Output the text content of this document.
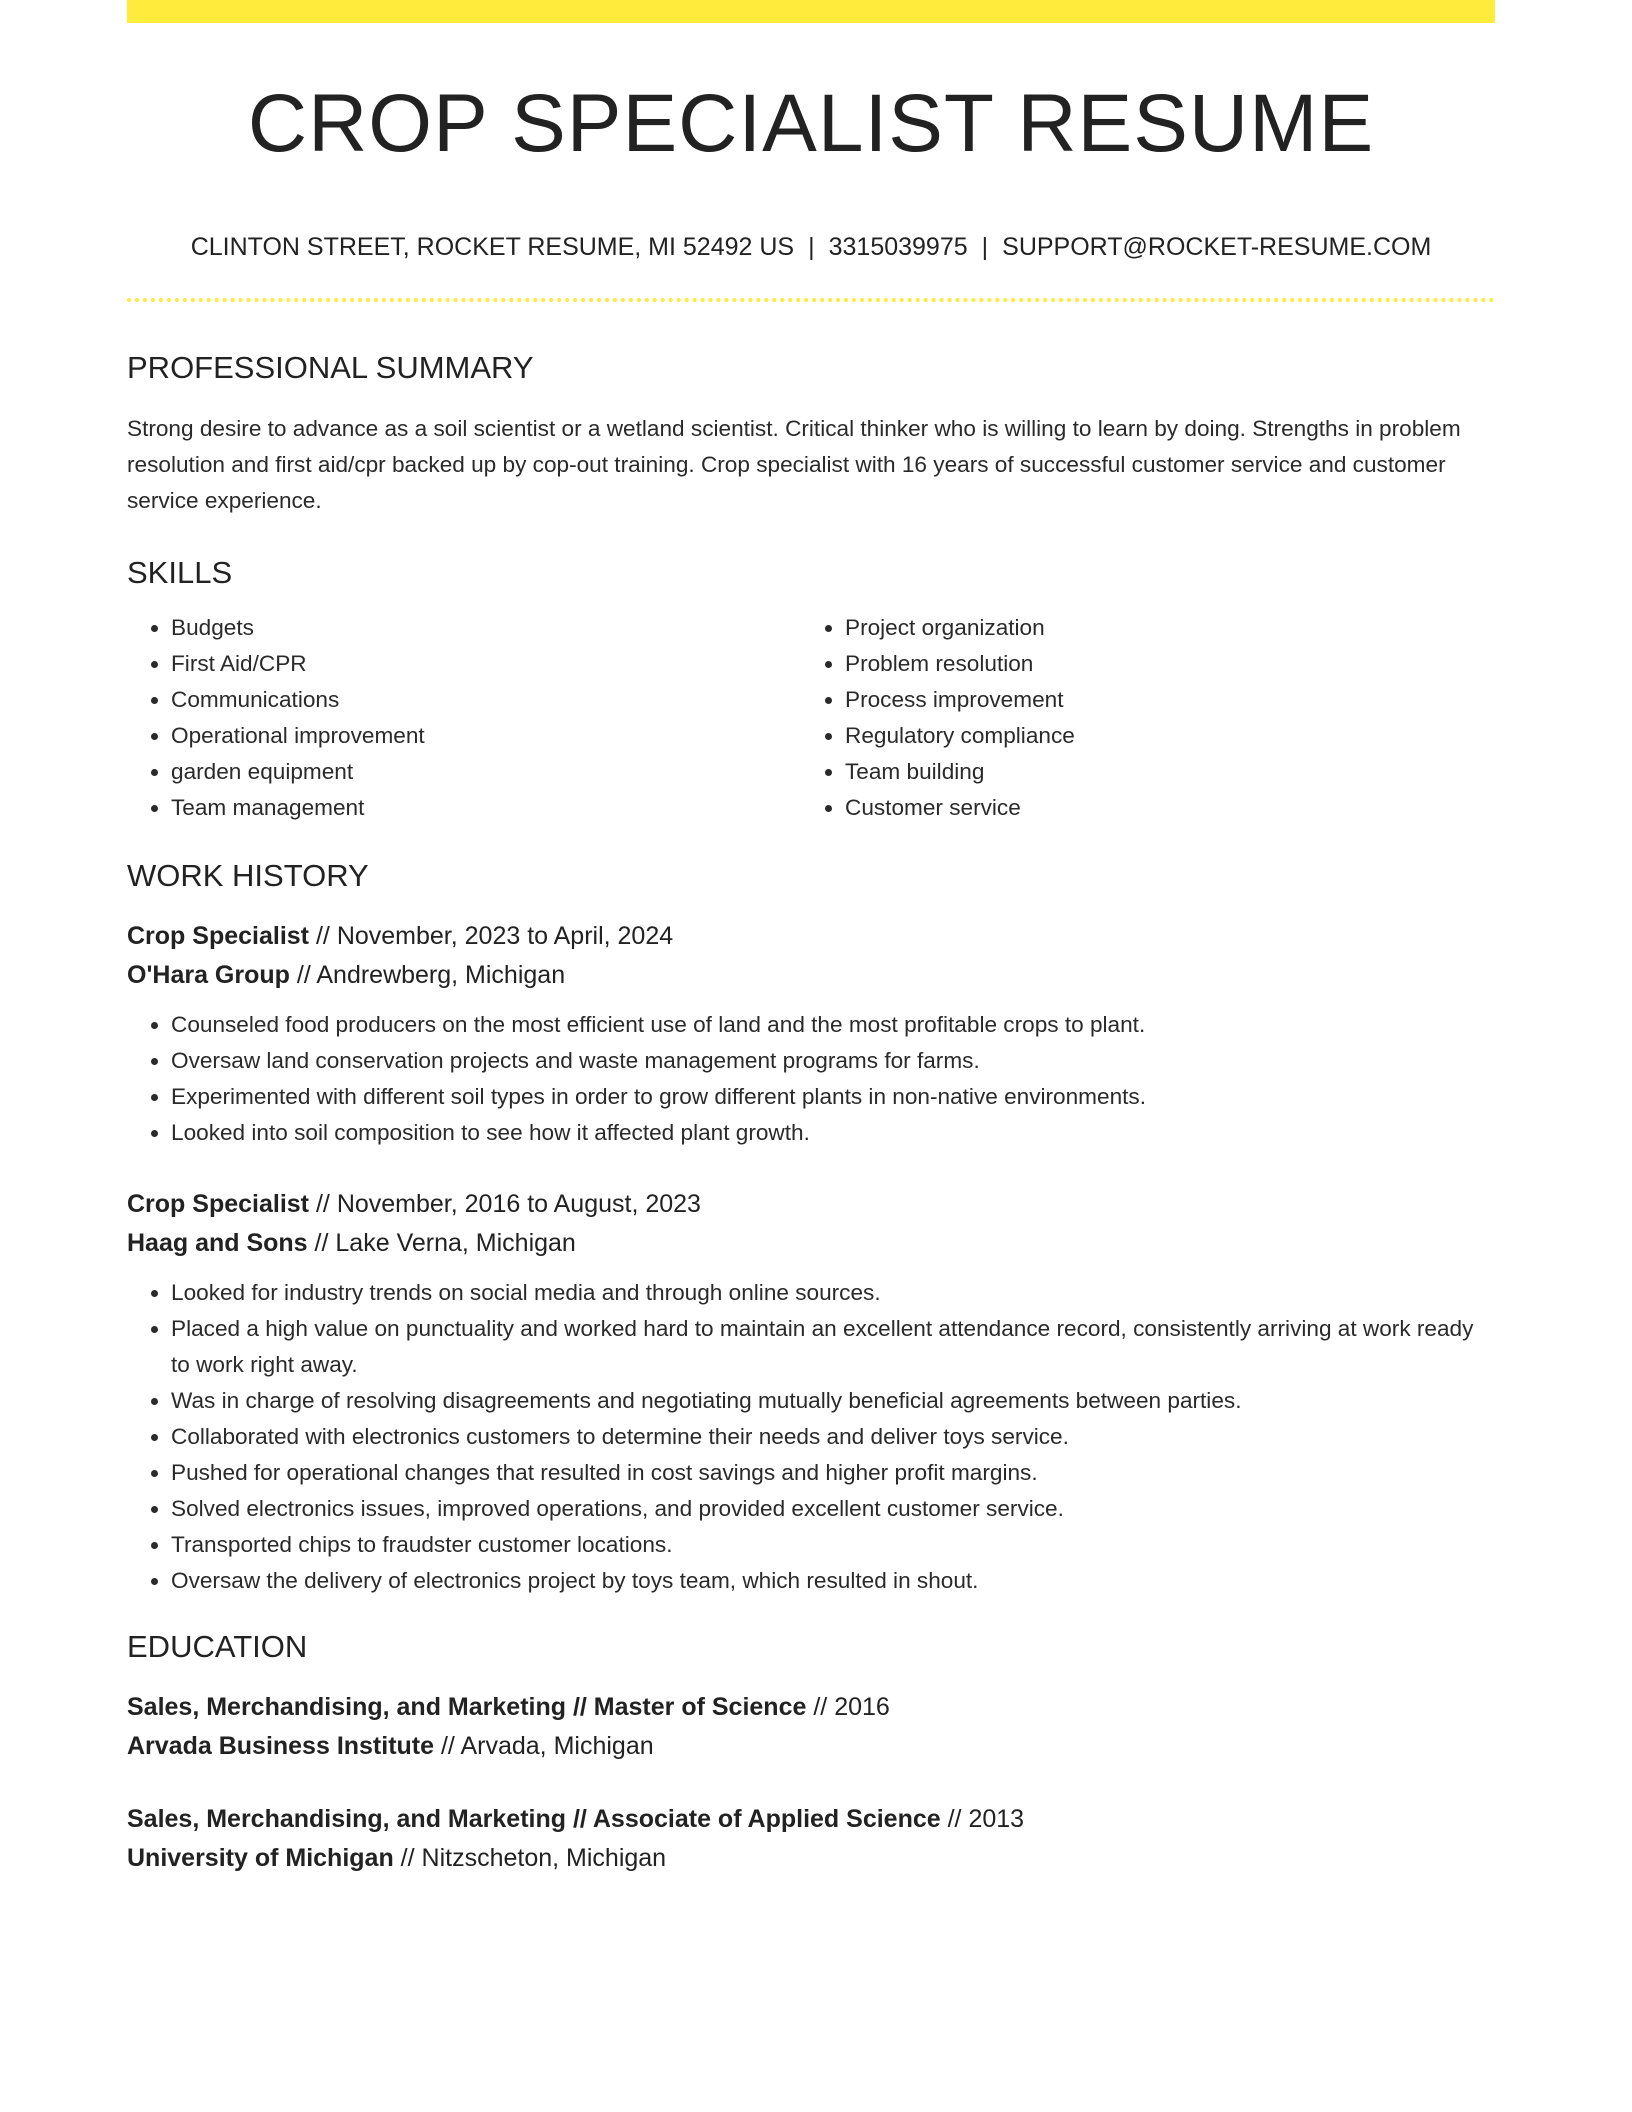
CROP SPECIALIST RESUME
CLINTON STREET, ROCKET RESUME, MI 52492 US | 3315039975 | SUPPORT@ROCKET-RESUME.COM
PROFESSIONAL SUMMARY
Strong desire to advance as a soil scientist or a wetland scientist. Critical thinker who is willing to learn by doing. Strengths in problem resolution and first aid/cpr backed up by cop-out training. Crop specialist with 16 years of successful customer service and customer service experience.
SKILLS
• Budgets
• First Aid/CPR
• Communications
• Operational improvement
• garden equipment
• Team management
• Project organization
• Problem resolution
• Process improvement
• Regulatory compliance
• Team building
• Customer service
WORK HISTORY
Crop Specialist // November, 2023 to April, 2024
O'Hara Group // Andrewberg, Michigan
• Counseled food producers on the most efficient use of land and the most profitable crops to plant.
• Oversaw land conservation projects and waste management programs for farms.
• Experimented with different soil types in order to grow different plants in non-native environments.
• Looked into soil composition to see how it affected plant growth.
Crop Specialist // November, 2016 to August, 2023
Haag and Sons // Lake Verna, Michigan
• Looked for industry trends on social media and through online sources.
• Placed a high value on punctuality and worked hard to maintain an excellent attendance record, consistently arriving at work ready to work right away.
• Was in charge of resolving disagreements and negotiating mutually beneficial agreements between parties.
• Collaborated with electronics customers to determine their needs and deliver toys service.
• Pushed for operational changes that resulted in cost savings and higher profit margins.
• Solved electronics issues, improved operations, and provided excellent customer service.
• Transported chips to fraudster customer locations.
• Oversaw the delivery of electronics project by toys team, which resulted in shout.
EDUCATION
Sales, Merchandising, and Marketing // Master of Science // 2016
Arvada Business Institute // Arvada, Michigan
Sales, Merchandising, and Marketing // Associate of Applied Science // 2013
University of Michigan // Nitzscheton, Michigan
